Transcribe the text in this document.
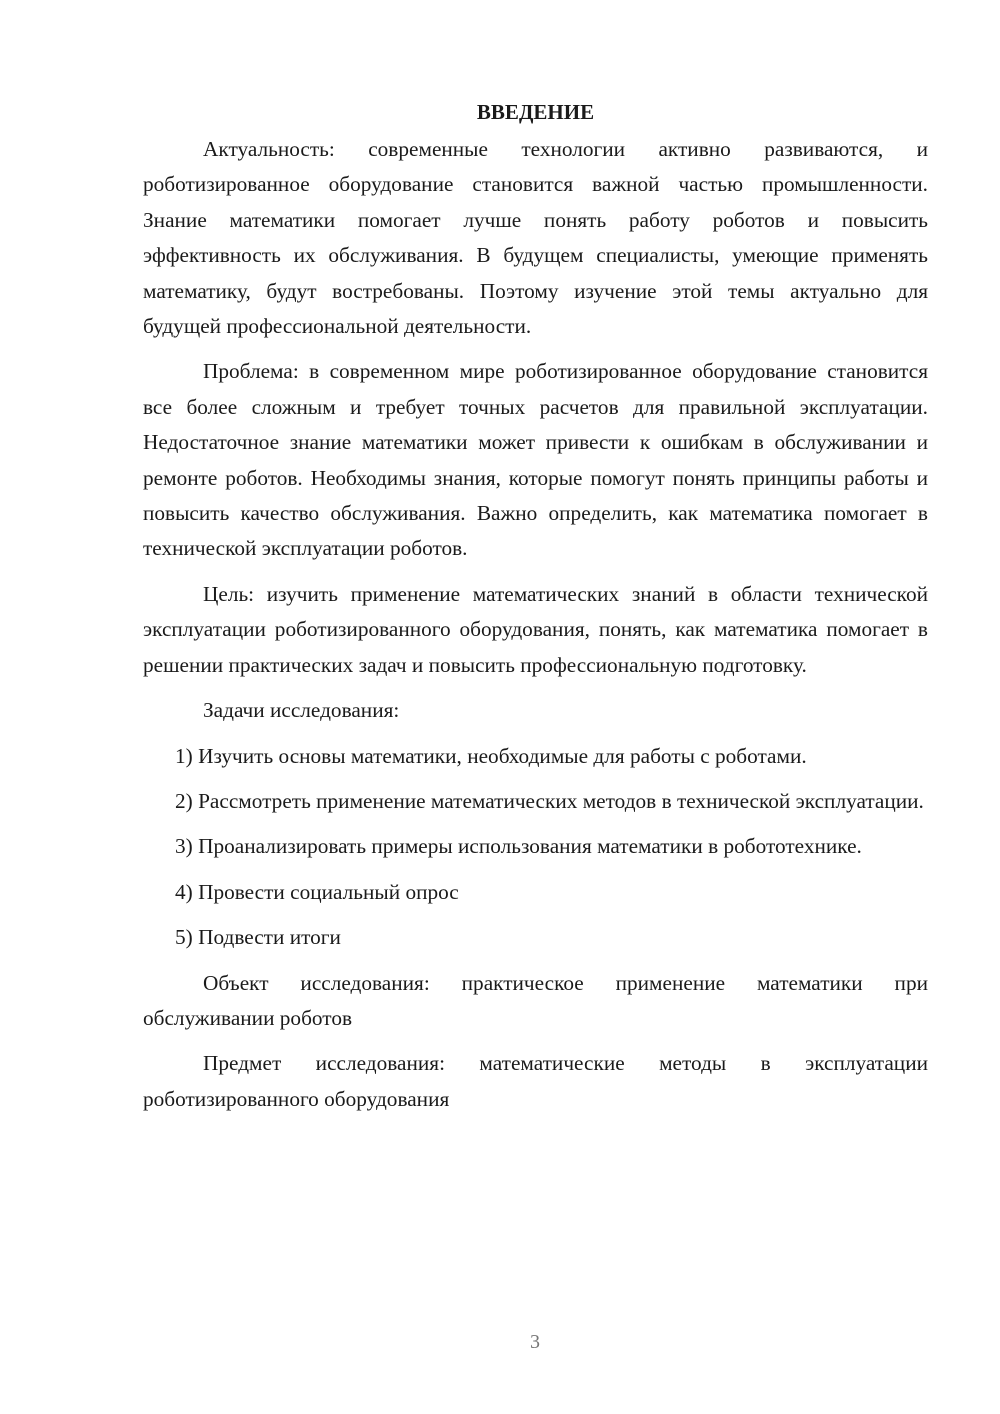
ВВЕДЕНИЕ

Актуальность: современные технологии активно развиваются, и роботизированное оборудование становится важной частью промышленности. Знание математики помогает лучше понять работу роботов и повысить эффективность их обслуживания. В будущем специалисты, умеющие применять математику, будут востребованы. Поэтому изучение этой темы актуально для будущей профессиональной деятельности.

Проблема: в современном мире роботизированное оборудование становится все более сложным и требует точных расчетов для правильной эксплуатации. Недостаточное знание математики может привести к ошибкам в обслуживании и ремонте роботов. Необходимы знания, которые помогут понять принципы работы и повысить качество обслуживания. Важно определить, как математика помогает в технической эксплуатации роботов.

Цель: изучить применение математических знаний в области технической эксплуатации роботизированного оборудования, понять, как математика помогает в решении практических задач и повысить профессиональную подготовку.

Задачи исследования:

1) Изучить основы математики, необходимые для работы с роботами.

2) Рассмотреть применение математических методов в технической эксплуатации.

3) Проанализировать примеры использования математики в робототехнике.

4) Провести социальный опрос

5) Подвести итоги

Объект исследования: практическое применение математики при обслуживании роботов

Предмет исследования: математические методы в эксплуатации роботизированного оборудования

3
